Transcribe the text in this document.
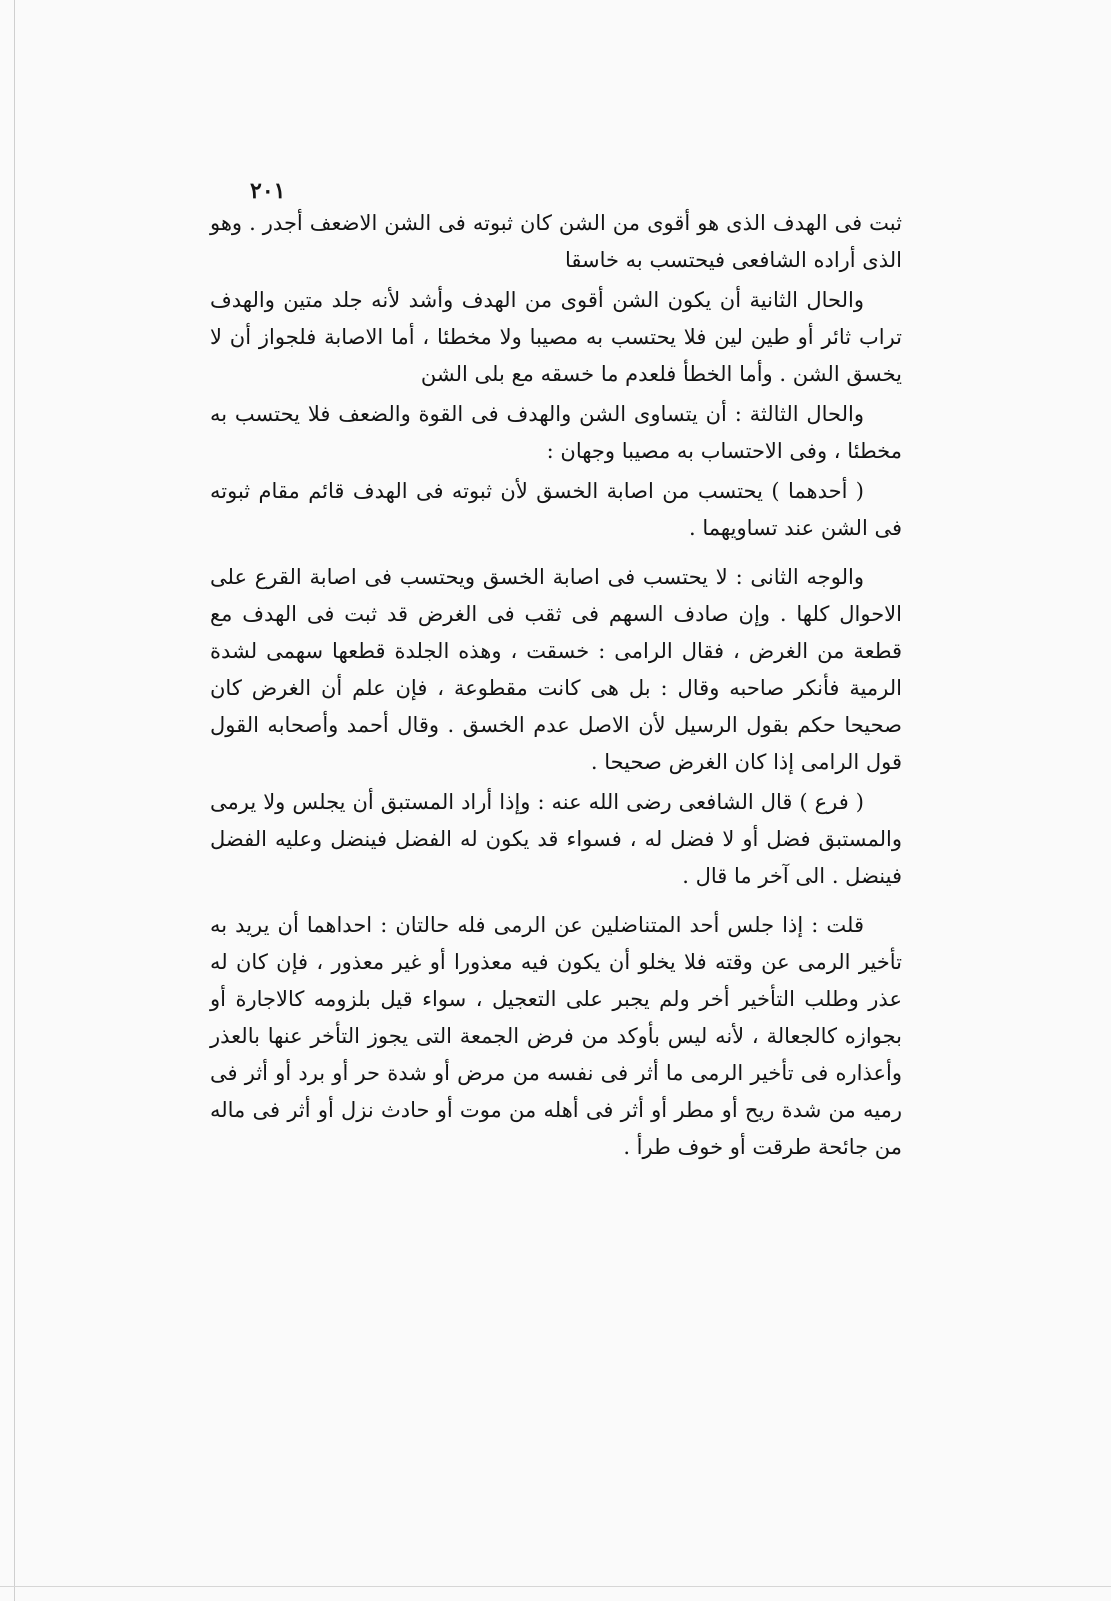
٢٠١

ثبت فى الهدف الذى هو أقوى من الشن كان ثبوته فى الشن الاضعف أجدر . وهو الذى أراده الشافعى فيحتسب به خاسقا

والحال الثانية أن يكون الشن أقوى من الهدف وأشد لأنه جلد متين والهدف تراب ثائر أو طين لين فلا يحتسب به مصيبا ولا مخطئا ، أما الاصابة فلجواز أن لا يخسق الشن . وأما الخطأ فلعدم ما خسقه مع بلى الشن

والحال الثالثة : أن يتساوى الشن والهدف فى القوة والضعف فلا يحتسب به مخطئا ، وفى الاحتساب به مصيبا وجهان :

( أحدهما ) يحتسب من اصابة الخسق لأن ثبوته فى الهدف قائم مقام ثبوته فى الشن عند تساويهما .

والوجه الثانى : لا يحتسب فى اصابة الخسق ويحتسب فى اصابة القرع على الاحوال كلها . وإن صادف السهم فى ثقب فى الغرض قد ثبت فى الهدف مع قطعة من الغرض ، فقال الرامى : خسقت ، وهذه الجلدة قطعها سهمى لشدة الرمية فأنكر صاحبه وقال : بل هى كانت مقطوعة ، فإن علم أن الغرض كان صحيحا حكم بقول الرسيل لأن الاصل عدم الخسق . وقال أحمد وأصحابه القول قول الرامى إذا كان الغرض صحيحا .

( فرع ) قال الشافعى رضى الله عنه : وإذا أراد المستبق أن يجلس ولا يرمى والمستبق فضل أو لا فضل له ، فسواء قد يكون له الفضل فينضل وعليه الفضل فينضل . الى آخر ما قال .

قلت : إذا جلس أحد المتناضلين عن الرمى فله حالتان : احداهما أن يريد به تأخير الرمى عن وقته فلا يخلو أن يكون فيه معذورا أو غير معذور ، فإن كان له عذر وطلب التأخير أخر ولم يجبر على التعجيل ، سواء قيل بلزومه كالاجارة أو بجوازه كالجعالة ، لأنه ليس بأوكد من فرض الجمعة التى يجوز التأخر عنها بالعذر وأعذاره فى تأخير الرمى ما أثر فى نفسه من مرض أو شدة حر أو برد أو أثر فى رميه من شدة ريح أو مطر أو أثر فى أهله من موت أو حادث نزل أو أثر فى ماله من جائحة طرقت أو خوف طرأ .
